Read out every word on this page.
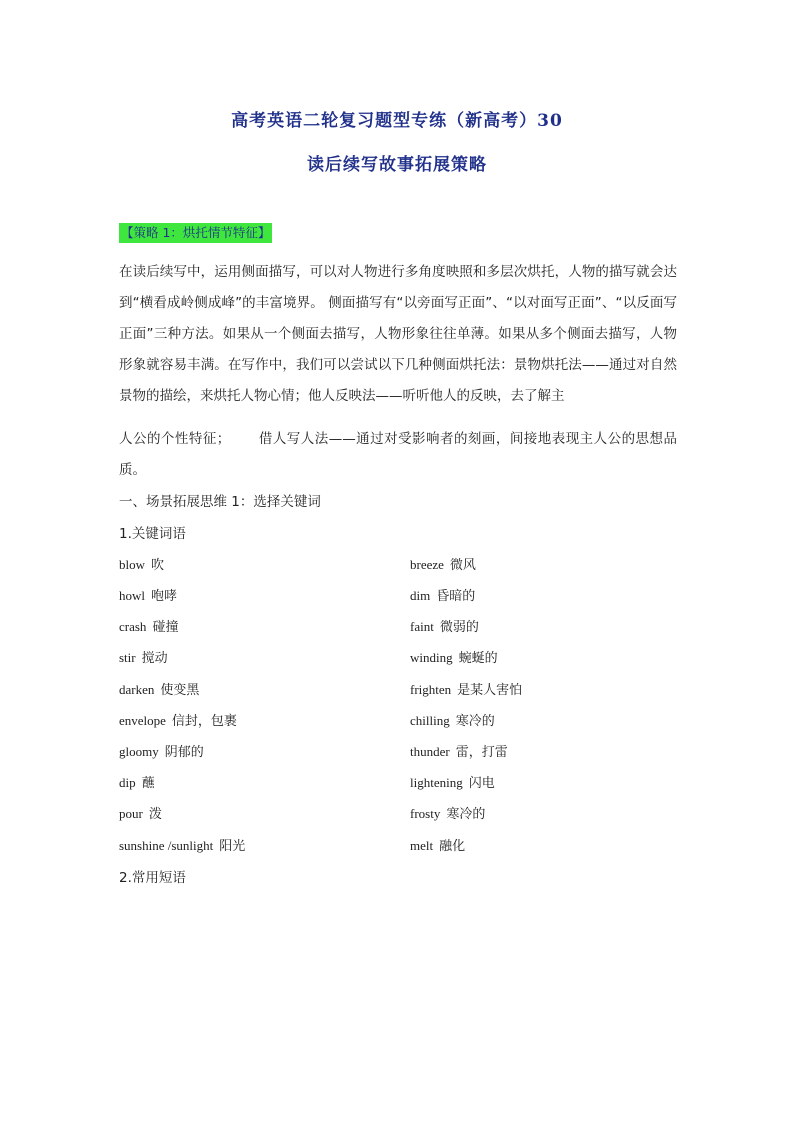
高考英语二轮复习题型专练（新高考）30
读后续写故事拓展策略
【策略 1：烘托情节特征】
在读后续写中，运用侧面描写，可以对人物进行多角度映照和多层次烘托，人物的描写就会达到“横看成岭侧成峰”的丰富境界。 侧面描写有“以旁面写正面”、“以对面写正面”、“以反面写正面”三种方法。如果从一个侧面去描写，人物形象往往单薄。如果从多个侧面去描写，人物形象就容易丰满。在写作中，我们可以尝试以下几种侧面烘托法：景物烘托法——通过对自然景物的描绘，来烘托人物心情；他人反映法——听听他人的反映，去了解主
人公的个性特征；      借人写人法——通过对受影响者的刻画，间接地表现主人公的思想品质。
一、场景拓展思维 1：选择关键词
1.关键词语
blow 吹	breeze 微风
howl 咆哮	dim 昏暗的
crash 碰撞	faint 微弱的
stir 搅动	winding 蜿蜒的
darken 使变黑	frighten 是某人害怕
envelope 信封，包裹	chilling 寒冷的
gloomy 阴郁的	thunder 雷，打雷
dip 蘸	lightening 闪电
pour 泼	frosty 寒冷的
sunshine /sunlight 阳光	melt 融化
2.常用短语
